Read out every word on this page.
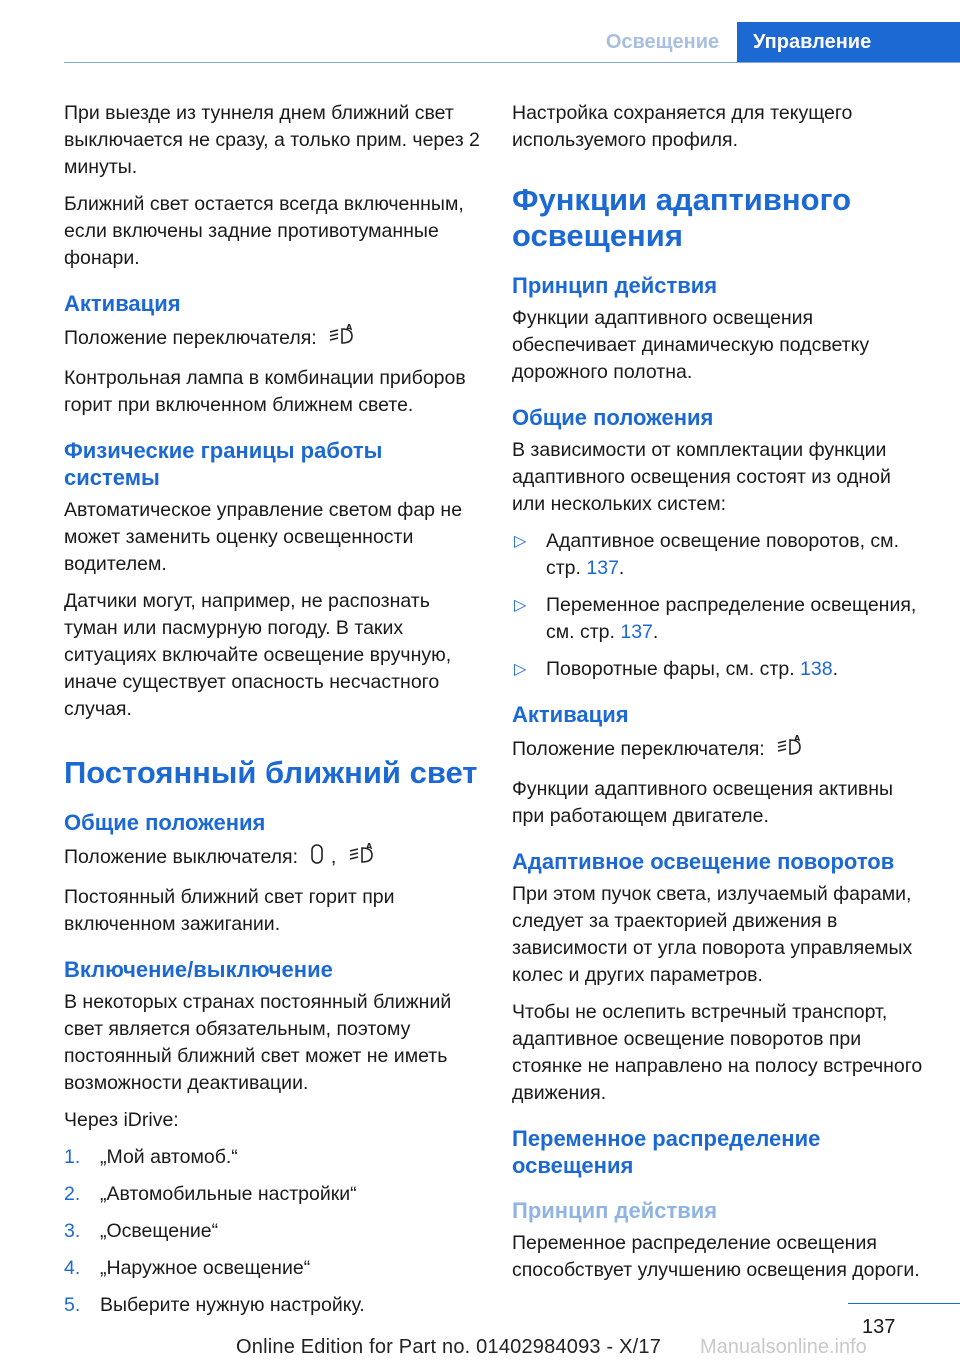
Освещение	Управление

При выезде из туннеля днем ближний свет выключается не сразу, а только прим. через 2 минуты.

Ближний свет остается всегда включенным, если включены задние противотуманные фонари.

Активация

Положение переключателя:	A

Контрольная лампа в комбинации приборов горит при включенном ближнем свете.

Физические границы работы системы

Автоматическое управление светом фар не может заменить оценку освещенности водителем.

Датчики могут, например, не распознать туман или пасмурную погоду. В таких ситуациях включайте освещение вручную, иначе существует опасность несчастного случая.

Постоянный ближний свет
Общие положения

Положение выключателя: ,	A

Постоянный ближний свет горит при включенном зажигании.

Включение/выключение

В некоторых странах постоянный ближний свет является обязательным, поэтому постоянный ближний свет может не иметь возможности деактивации.

Через iDrive:

1. „Мой автомоб.“
2. „Автомобильные настройки“
3. „Освещение“
4. „Наружное освещение“
5. Выберите нужную настройку.

Настройка сохраняется для текущего используемого профиля.

Функции адаптивного освещения
Принцип действия

Функции адаптивного освещения обеспечивает динамическую подсветку дорожного полотна.

Общие положения

В зависимости от комплектации функции адаптивного освещения состоят из одной или нескольких систем:

▷ Адаптивное освещение поворотов, см. стр. 137.
▷ Переменное распределение освещения, см. стр. 137.
▷ Поворотные фары, см. стр. 138.
Активация

Положение переключателя:	A

Функции адаптивного освещения активны при работающем двигателе.

Адаптивное освещение поворотов

При этом пучок света, излучаемый фарами, следует за траекторией движения в зависимости от угла поворота управляемых колес и других параметров.

Чтобы не ослепить встречный транспорт, адаптивное освещение поворотов при стоянке не направлено на полосу встречного движения.

Переменное распределение освещения
Принцип действия

Переменное распределение освещения способствует улучшению освещения дороги.

137
Manualsonline.info
Online Edition for Part no. 01402984093 - X/17
